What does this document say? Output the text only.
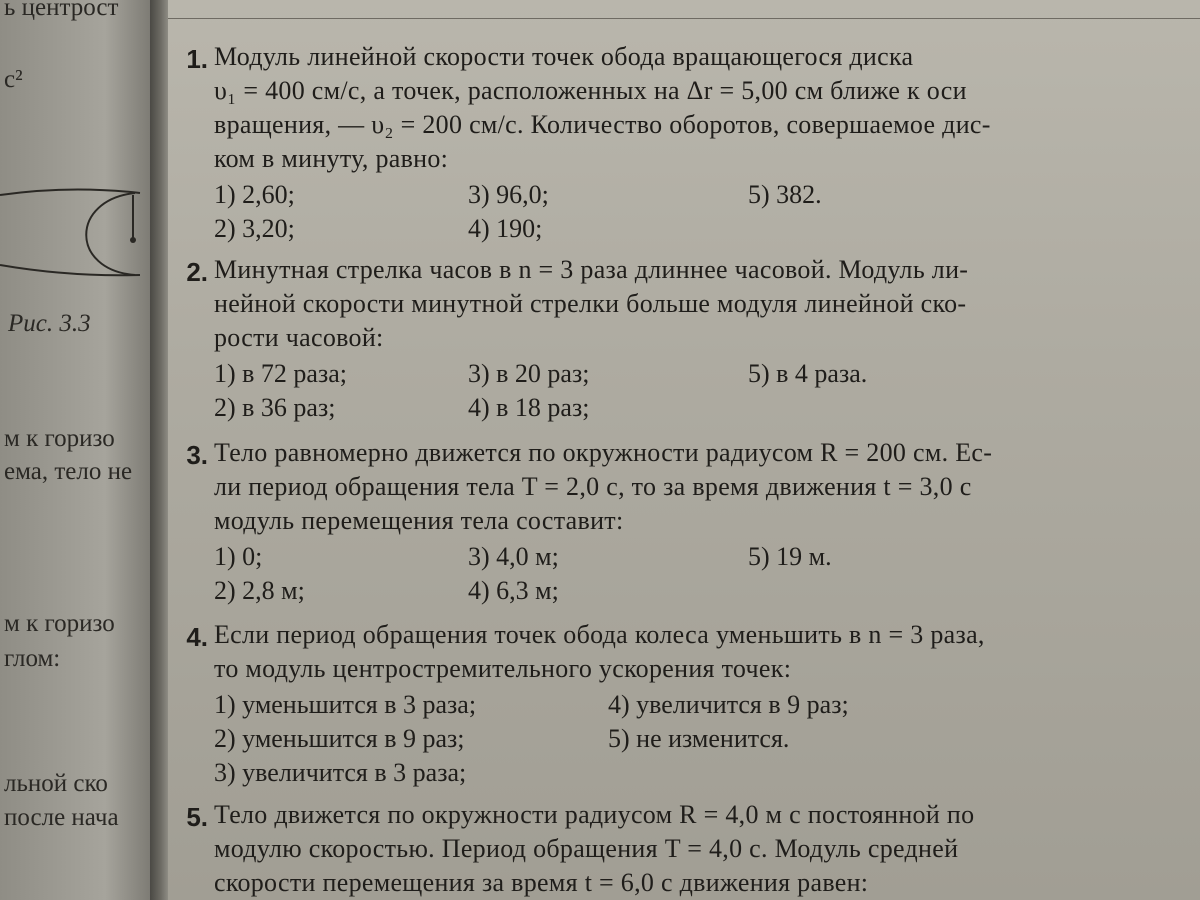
ь центрост
с²
Рис. 3.3
м к горизо
ема, тело не
м к горизо
глом:
льной ско
после нача
1. Модуль линейной скорости точек обода вращающегося диска
υ₁ = 400 см/с, а точек, расположенных на Δr = 5,00 см ближе к оси
вращения, — υ₂ = 200 см/с. Количество оборотов, совершаемое дис-
ком в минуту, равно:
1) 2,60;	3) 96,0;	5) 382.
2) 3,20;	4) 190;
2. Минутная стрелка часов в n = 3 раза длиннее часовой. Модуль ли-
нейной скорости минутной стрелки больше модуля линейной ско-
рости часовой:
1) в 72 раза;	3) в 20 раз;	5) в 4 раза.
2) в 36 раз;	4) в 18 раз;
3. Тело равномерно движется по окружности радиусом R = 200 см. Ес-
ли период обращения тела T = 2,0 с, то за время движения t = 3,0 с
модуль перемещения тела составит:
1) 0;	3) 4,0 м;	5) 19 м.
2) 2,8 м;	4) 6,3 м;
4. Если период обращения точек обода колеса уменьшить в n = 3 раза,
то модуль центростремительного ускорения точек:
1) уменьшится в 3 раза;	4) увеличится в 9 раз;
2) уменьшится в 9 раз;	5) не изменится.
3) увеличится в 3 раза;
5. Тело движется по окружности радиусом R = 4,0 м с постоянной по
модулю скоростью. Период обращения T = 4,0 с. Модуль средней
скорости перемещения за время t = 6,0 с движения равен:
